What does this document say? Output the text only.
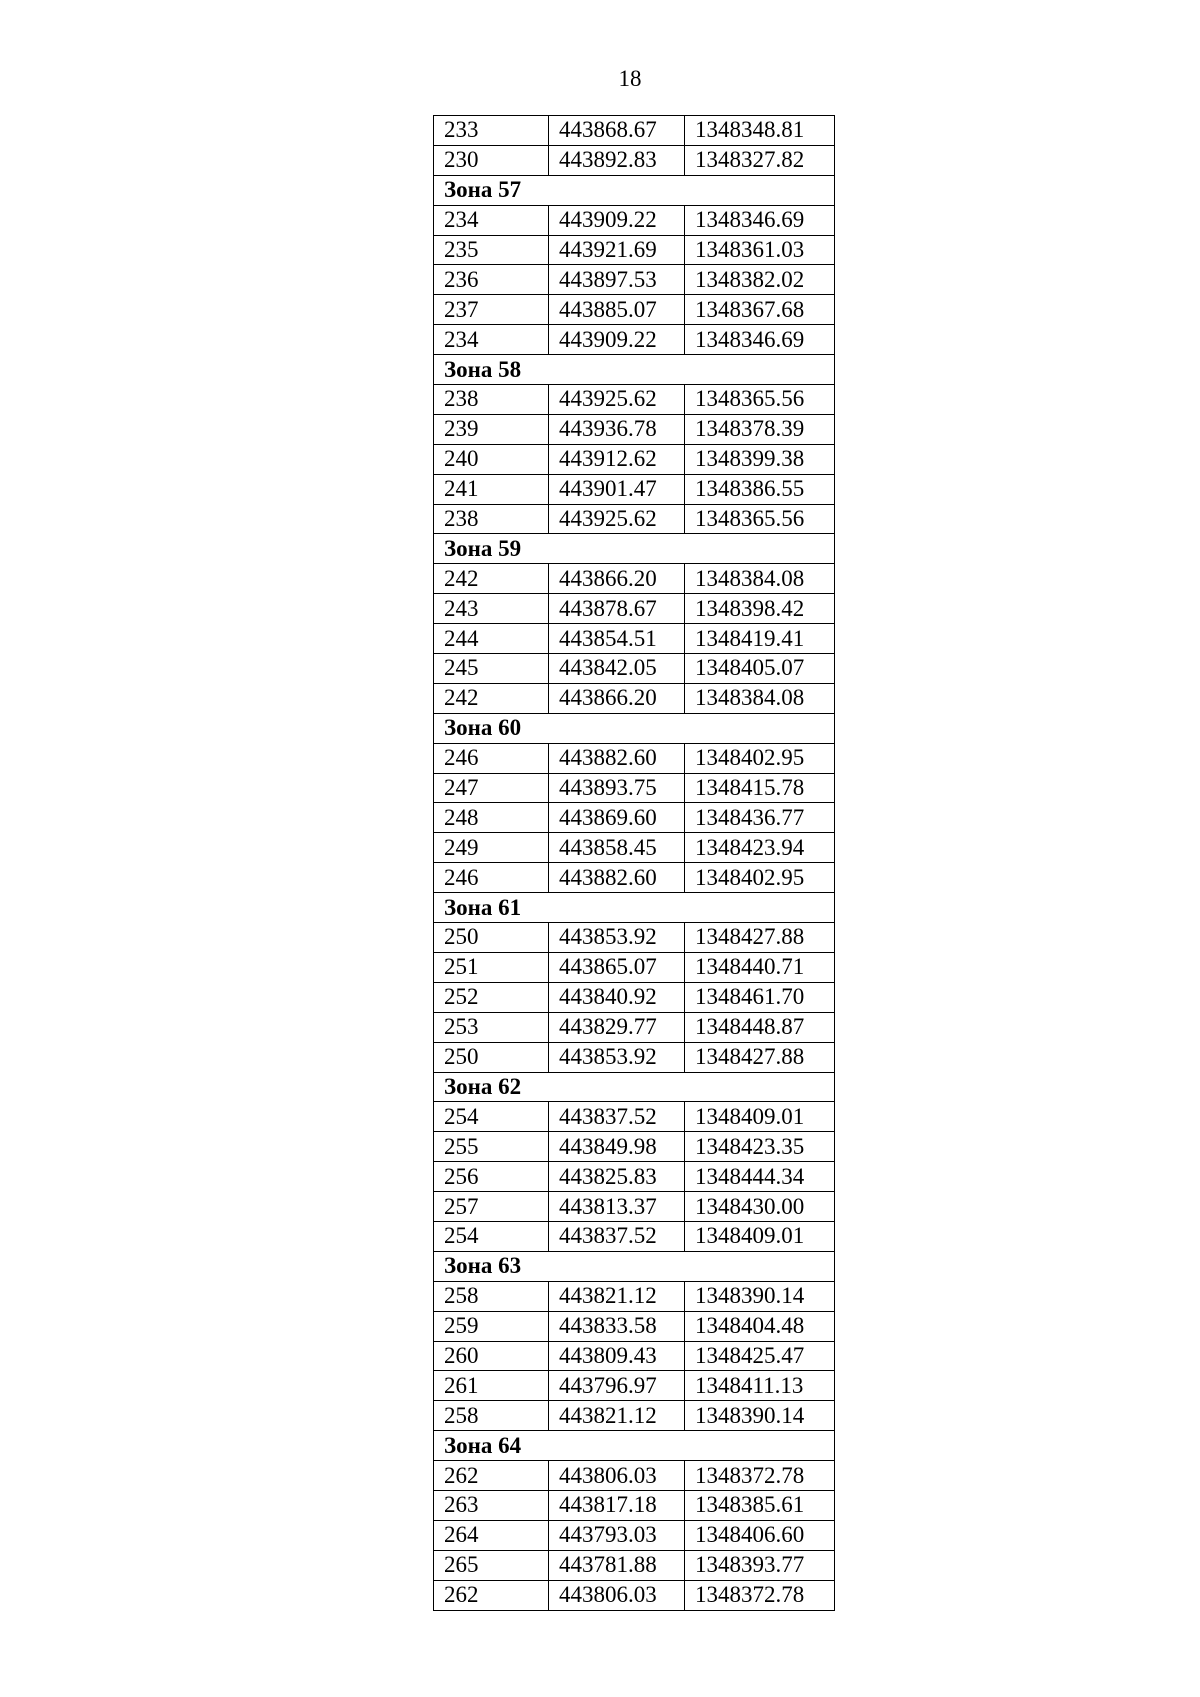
18
233	443868.67	1348348.81
230	443892.83	1348327.82
Зона 57		
234	443909.22	1348346.69
235	443921.69	1348361.03
236	443897.53	1348382.02
237	443885.07	1348367.68
234	443909.22	1348346.69
Зона 58		
238	443925.62	1348365.56
239	443936.78	1348378.39
240	443912.62	1348399.38
241	443901.47	1348386.55
238	443925.62	1348365.56
Зона 59		
242	443866.20	1348384.08
243	443878.67	1348398.42
244	443854.51	1348419.41
245	443842.05	1348405.07
242	443866.20	1348384.08
Зона 60		
246	443882.60	1348402.95
247	443893.75	1348415.78
248	443869.60	1348436.77
249	443858.45	1348423.94
246	443882.60	1348402.95
Зона 61		
250	443853.92	1348427.88
251	443865.07	1348440.71
252	443840.92	1348461.70
253	443829.77	1348448.87
250	443853.92	1348427.88
Зона 62		
254	443837.52	1348409.01
255	443849.98	1348423.35
256	443825.83	1348444.34
257	443813.37	1348430.00
254	443837.52	1348409.01
Зона 63		
258	443821.12	1348390.14
259	443833.58	1348404.48
260	443809.43	1348425.47
261	443796.97	1348411.13
258	443821.12	1348390.14
Зона 64		
262	443806.03	1348372.78
263	443817.18	1348385.61
264	443793.03	1348406.60
265	443781.88	1348393.77
262	443806.03	1348372.78
